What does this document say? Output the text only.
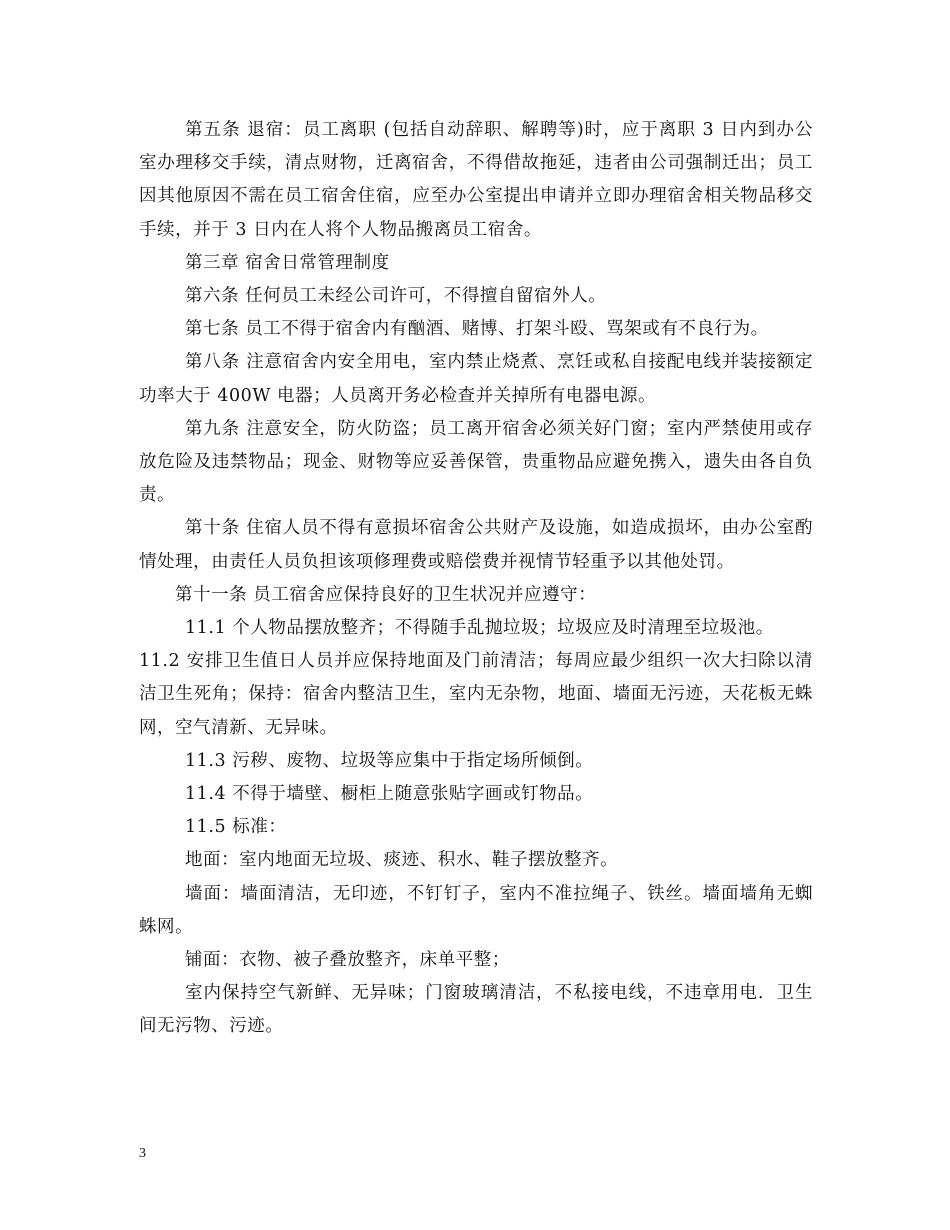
第五条 退宿：员工离职 (包括自动辞职、解聘等)时，应于离职 3 日内到办公室办理移交手续，清点财物，迁离宿舍，不得借故拖延，违者由公司强制迁出；员工因其他原因不需在员工宿舍住宿，应至办公室提出申请并立即办理宿舍相关物品移交手续，并于 3 日内在人将个人物品搬离员工宿舍。

第三章 宿舍日常管理制度

第六条 任何员工未经公司许可，不得擅自留宿外人。

第七条 员工不得于宿舍内有酗酒、赌博、打架斗殴、骂架或有不良行为。

第八条 注意宿舍内安全用电，室内禁止烧煮、烹饪或私自接配电线并装接额定功率大于 400W 电器；人员离开务必检查并关掉所有电器电源。

第九条 注意安全，防火防盗；员工离开宿舍必须关好门窗；室内严禁使用或存放危险及违禁物品；现金、财物等应妥善保管，贵重物品应避免携入，遗失由各自负责。

第十条 住宿人员不得有意损坏宿舍公共财产及设施，如造成损坏，由办公室酌情处理，由责任人员负担该项修理费或赔偿费并视情节轻重予以其他处罚。

第十一条 员工宿舍应保持良好的卫生状况并应遵守：

11.1 个人物品摆放整齐；不得随手乱抛垃圾；垃圾应及时清理至垃圾池。

11.2 安排卫生值日人员并应保持地面及门前清洁；每周应最少组织一次大扫除以清洁卫生死角；保持：宿舍内整洁卫生，室内无杂物，地面、墙面无污迹，天花板无蛛网，空气清新、无异味。

11.3 污秽、废物、垃圾等应集中于指定场所倾倒。

11.4 不得于墙壁、橱柜上随意张贴字画或钉物品。

11.5 标准：

地面：室内地面无垃圾、痰迹、积水、鞋子摆放整齐。

墙面：墙面清洁，无印迹，不钉钉子，室内不准拉绳子、铁丝。墙面墙角无蜘蛛网。

铺面：衣物、被子叠放整齐，床单平整；

室内保持空气新鲜、无异味；门窗玻璃清洁，不私接电线，不违章用电．卫生间无污物、污迹。

3
